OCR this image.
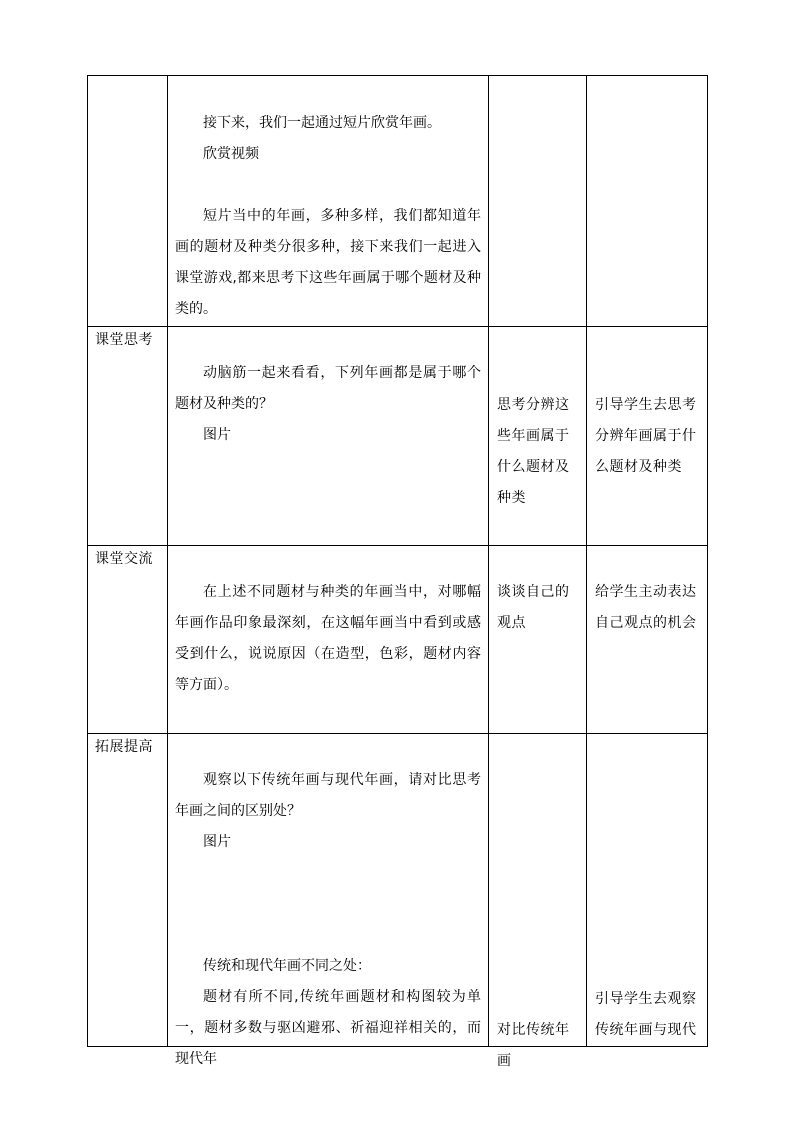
	接下来，我们一起通过短片欣赏年画。

欣赏视频

短片当中的年画，多种多样，我们都知道年画的题材及种类分很多种，接下来我们一起进入课堂游戏,都来思考下这些年画属于哪个题材及种类的。		

课堂思考	动脑筋一起来看看，下列年画都是属于哪个题材及种类的？

图片	思考分辨这些年画属于什么题材及种类	引导学生去思考分辨年画属于什么题材及种类

课堂交流	在上述不同题材与种类的年画当中，对哪幅年画作品印象最深刻，在这幅年画当中看到或感受到什么，说说原因（在造型，色彩，题材内容等方面）。	谈谈自己的观点	给学生主动表达自己观点的机会

拓展提高	观察以下传统年画与现代年画，请对比思考年画之间的区别处？

图片

传统和现代年画不同之处：

题材有所不同,传统年画题材和构图较为单一，题材多数与驱凶避邪、祈福迎祥相关的，而现代年	对比传统年画	引导学生去观察传统年画与现代
